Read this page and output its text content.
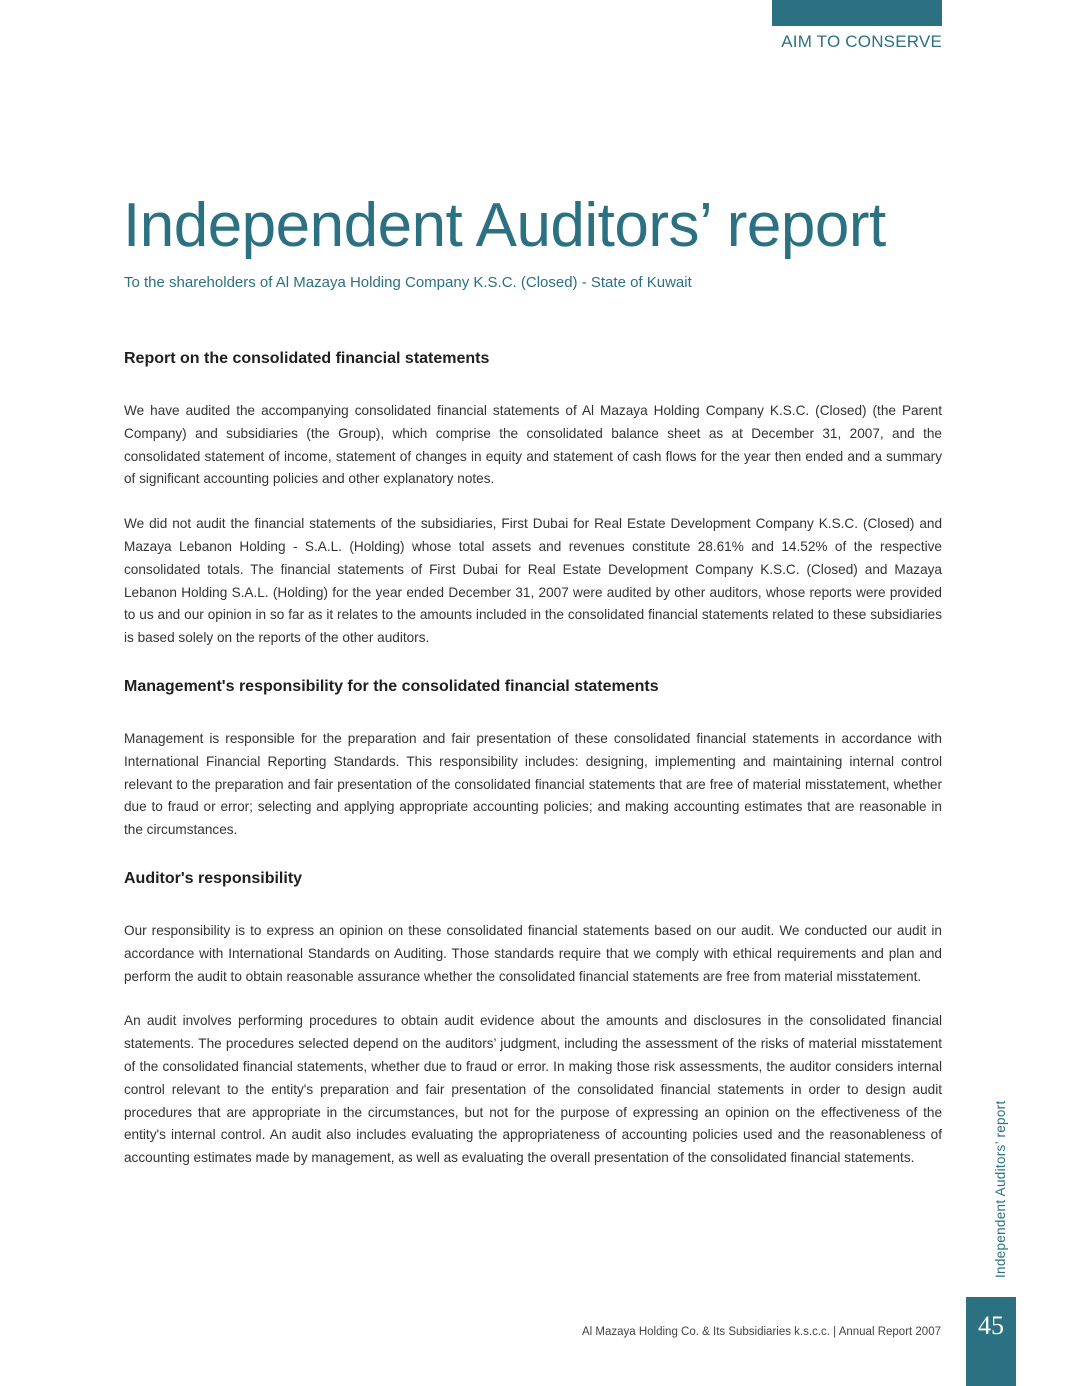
AIM TO CONSERVE
Independent Auditors’ report
To the shareholders of Al Mazaya Holding Company K.S.C. (Closed) - State of Kuwait
Report on the consolidated financial statements

We have audited the accompanying consolidated financial statements of Al Mazaya Holding Company K.S.C. (Closed) (the Parent Company) and subsidiaries (the Group), which comprise the consolidated balance sheet as at December 31, 2007, and the consolidated statement of income, statement of changes in equity and statement of cash flows for the year then ended and a summary of significant accounting policies and other explanatory notes.

We did not audit the financial statements of the subsidiaries, First Dubai for Real Estate Development Company K.S.C. (Closed) and Mazaya Lebanon Holding - S.A.L. (Holding) whose total assets and revenues constitute 28.61% and 14.52% of the respective consolidated totals. The financial statements of First Dubai for Real Estate Development Company K.S.C. (Closed) and Mazaya Lebanon Holding S.A.L. (Holding) for the year ended December 31, 2007 were audited by other auditors, whose reports were provided to us and our opinion in so far as it relates to the amounts included in the consolidated financial statements related to these subsidiaries is based solely on the reports of the other auditors.

Management's responsibility for the consolidated financial statements

Management is responsible for the preparation and fair presentation of these consolidated financial statements in accordance with International Financial Reporting Standards. This responsibility includes: designing, implementing and maintaining internal control relevant to the preparation and fair presentation of the consolidated financial statements that are free of material misstatement, whether due to fraud or error; selecting and applying appropriate accounting policies; and making accounting estimates that are reasonable in the circumstances.

Auditor's responsibility

Our responsibility is to express an opinion on these consolidated financial statements based on our audit. We conducted our audit in accordance with International Standards on Auditing. Those standards require that we comply with ethical requirements and plan and perform the audit to obtain reasonable assurance whether the consolidated financial statements are free from material misstatement.

An audit involves performing procedures to obtain audit evidence about the amounts and disclosures in the consolidated financial statements. The procedures selected depend on the auditors’ judgment, including the assessment of the risks of material misstatement of the consolidated financial statements, whether due to fraud or error. In making those risk assessments, the auditor considers internal control relevant to the entity's preparation and fair presentation of the consolidated financial statements in order to design audit procedures that are appropriate in the circumstances, but not for the purpose of expressing an opinion on the effectiveness of the entity's internal control. An audit also includes evaluating the appropriateness of accounting policies used and the reasonableness of accounting estimates made by management, as well as evaluating the overall presentation of the consolidated financial statements.	Independent Auditors’ report
Al Mazaya Holding Co. & Its Subsidiaries k.s.c.c. | Annual Report 2007	45
